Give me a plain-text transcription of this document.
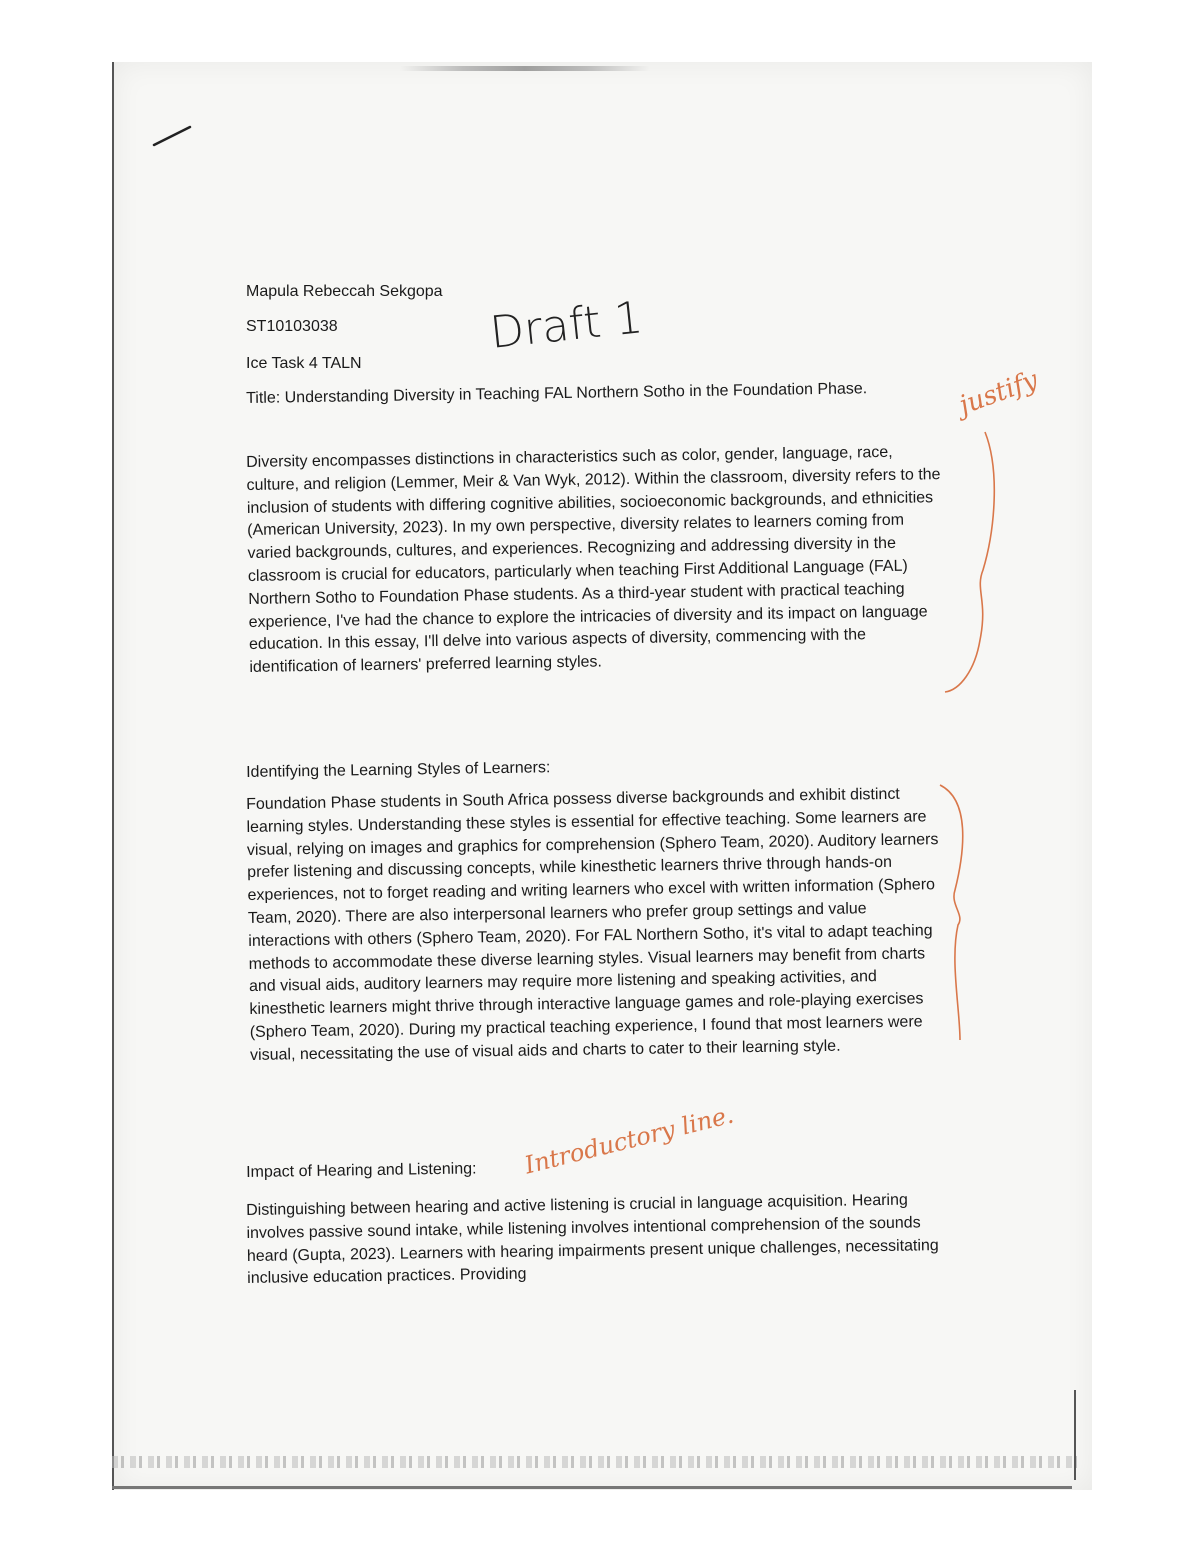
Mapula Rebeccah Sekgopa
ST10103038
Ice Task 4 TALN
Draft 1
justify
Title: Understanding Diversity in Teaching FAL Northern Sotho in the Foundation Phase.
Diversity encompasses distinctions in characteristics such as color, gender, language, race, culture, and religion (Lemmer, Meir & Van Wyk, 2012). Within the classroom, diversity refers to the inclusion of students with differing cognitive abilities, socioeconomic backgrounds, and ethnicities (American University, 2023). In my own perspective, diversity relates to learners coming from varied backgrounds, cultures, and experiences. Recognizing and addressing diversity in the classroom is crucial for educators, particularly when teaching First Additional Language (FAL) Northern Sotho to Foundation Phase students. As a third-year student with practical teaching experience, I've had the chance to explore the intricacies of diversity and its impact on language education. In this essay, I'll delve into various aspects of diversity, commencing with the identification of learners' preferred learning styles.
Identifying the Learning Styles of Learners:
Foundation Phase students in South Africa possess diverse backgrounds and exhibit distinct learning styles. Understanding these styles is essential for effective teaching. Some learners are visual, relying on images and graphics for comprehension (Sphero Team, 2020). Auditory learners prefer listening and discussing concepts, while kinesthetic learners thrive through hands-on experiences, not to forget reading and writing learners who excel with written information (Sphero Team, 2020). There are also interpersonal learners who prefer group settings and value interactions with others (Sphero Team, 2020). For FAL Northern Sotho, it's vital to adapt teaching methods to accommodate these diverse learning styles. Visual learners may benefit from charts and visual aids, auditory learners may require more listening and speaking activities, and kinesthetic learners might thrive through interactive language games and role-playing exercises (Sphero Team, 2020). During my practical teaching experience, I found that most learners were visual, necessitating the use of visual aids and charts to cater to their learning style.
Introductory line.
Impact of Hearing and Listening:
Distinguishing between hearing and active listening is crucial in language acquisition. Hearing involves passive sound intake, while listening involves intentional comprehension of the sounds heard (Gupta, 2023). Learners with hearing impairments present unique challenges, necessitating inclusive education practices. Providing
